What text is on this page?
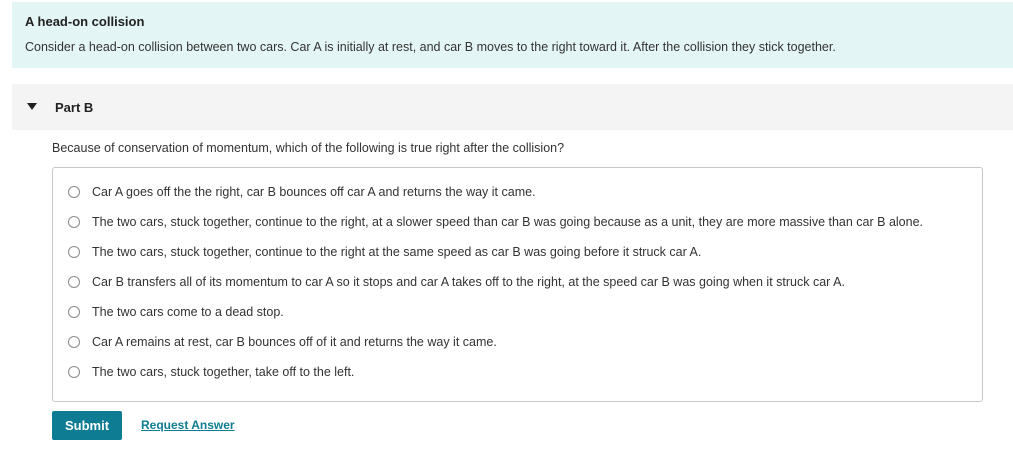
A head-on collision
Consider a head-on collision between two cars. Car A is initially at rest, and car B moves to the right toward it. After the collision they stick together.
Part B
Because of conservation of momentum, which of the following is true right after the collision?
Car A goes off the the right, car B bounces off car A and returns the way it came.
The two cars, stuck together, continue to the right, at a slower speed than car B was going because as a unit, they are more massive than car B alone.
The two cars, stuck together, continue to the right at the same speed as car B was going before it struck car A.
Car B transfers all of its momentum to car A so it stops and car A takes off to the right, at the speed car B was going when it struck car A.
The two cars come to a dead stop.
Car A remains at rest, car B bounces off of it and returns the way it came.
The two cars, stuck together, take off to the left.
Submit	Request Answer
